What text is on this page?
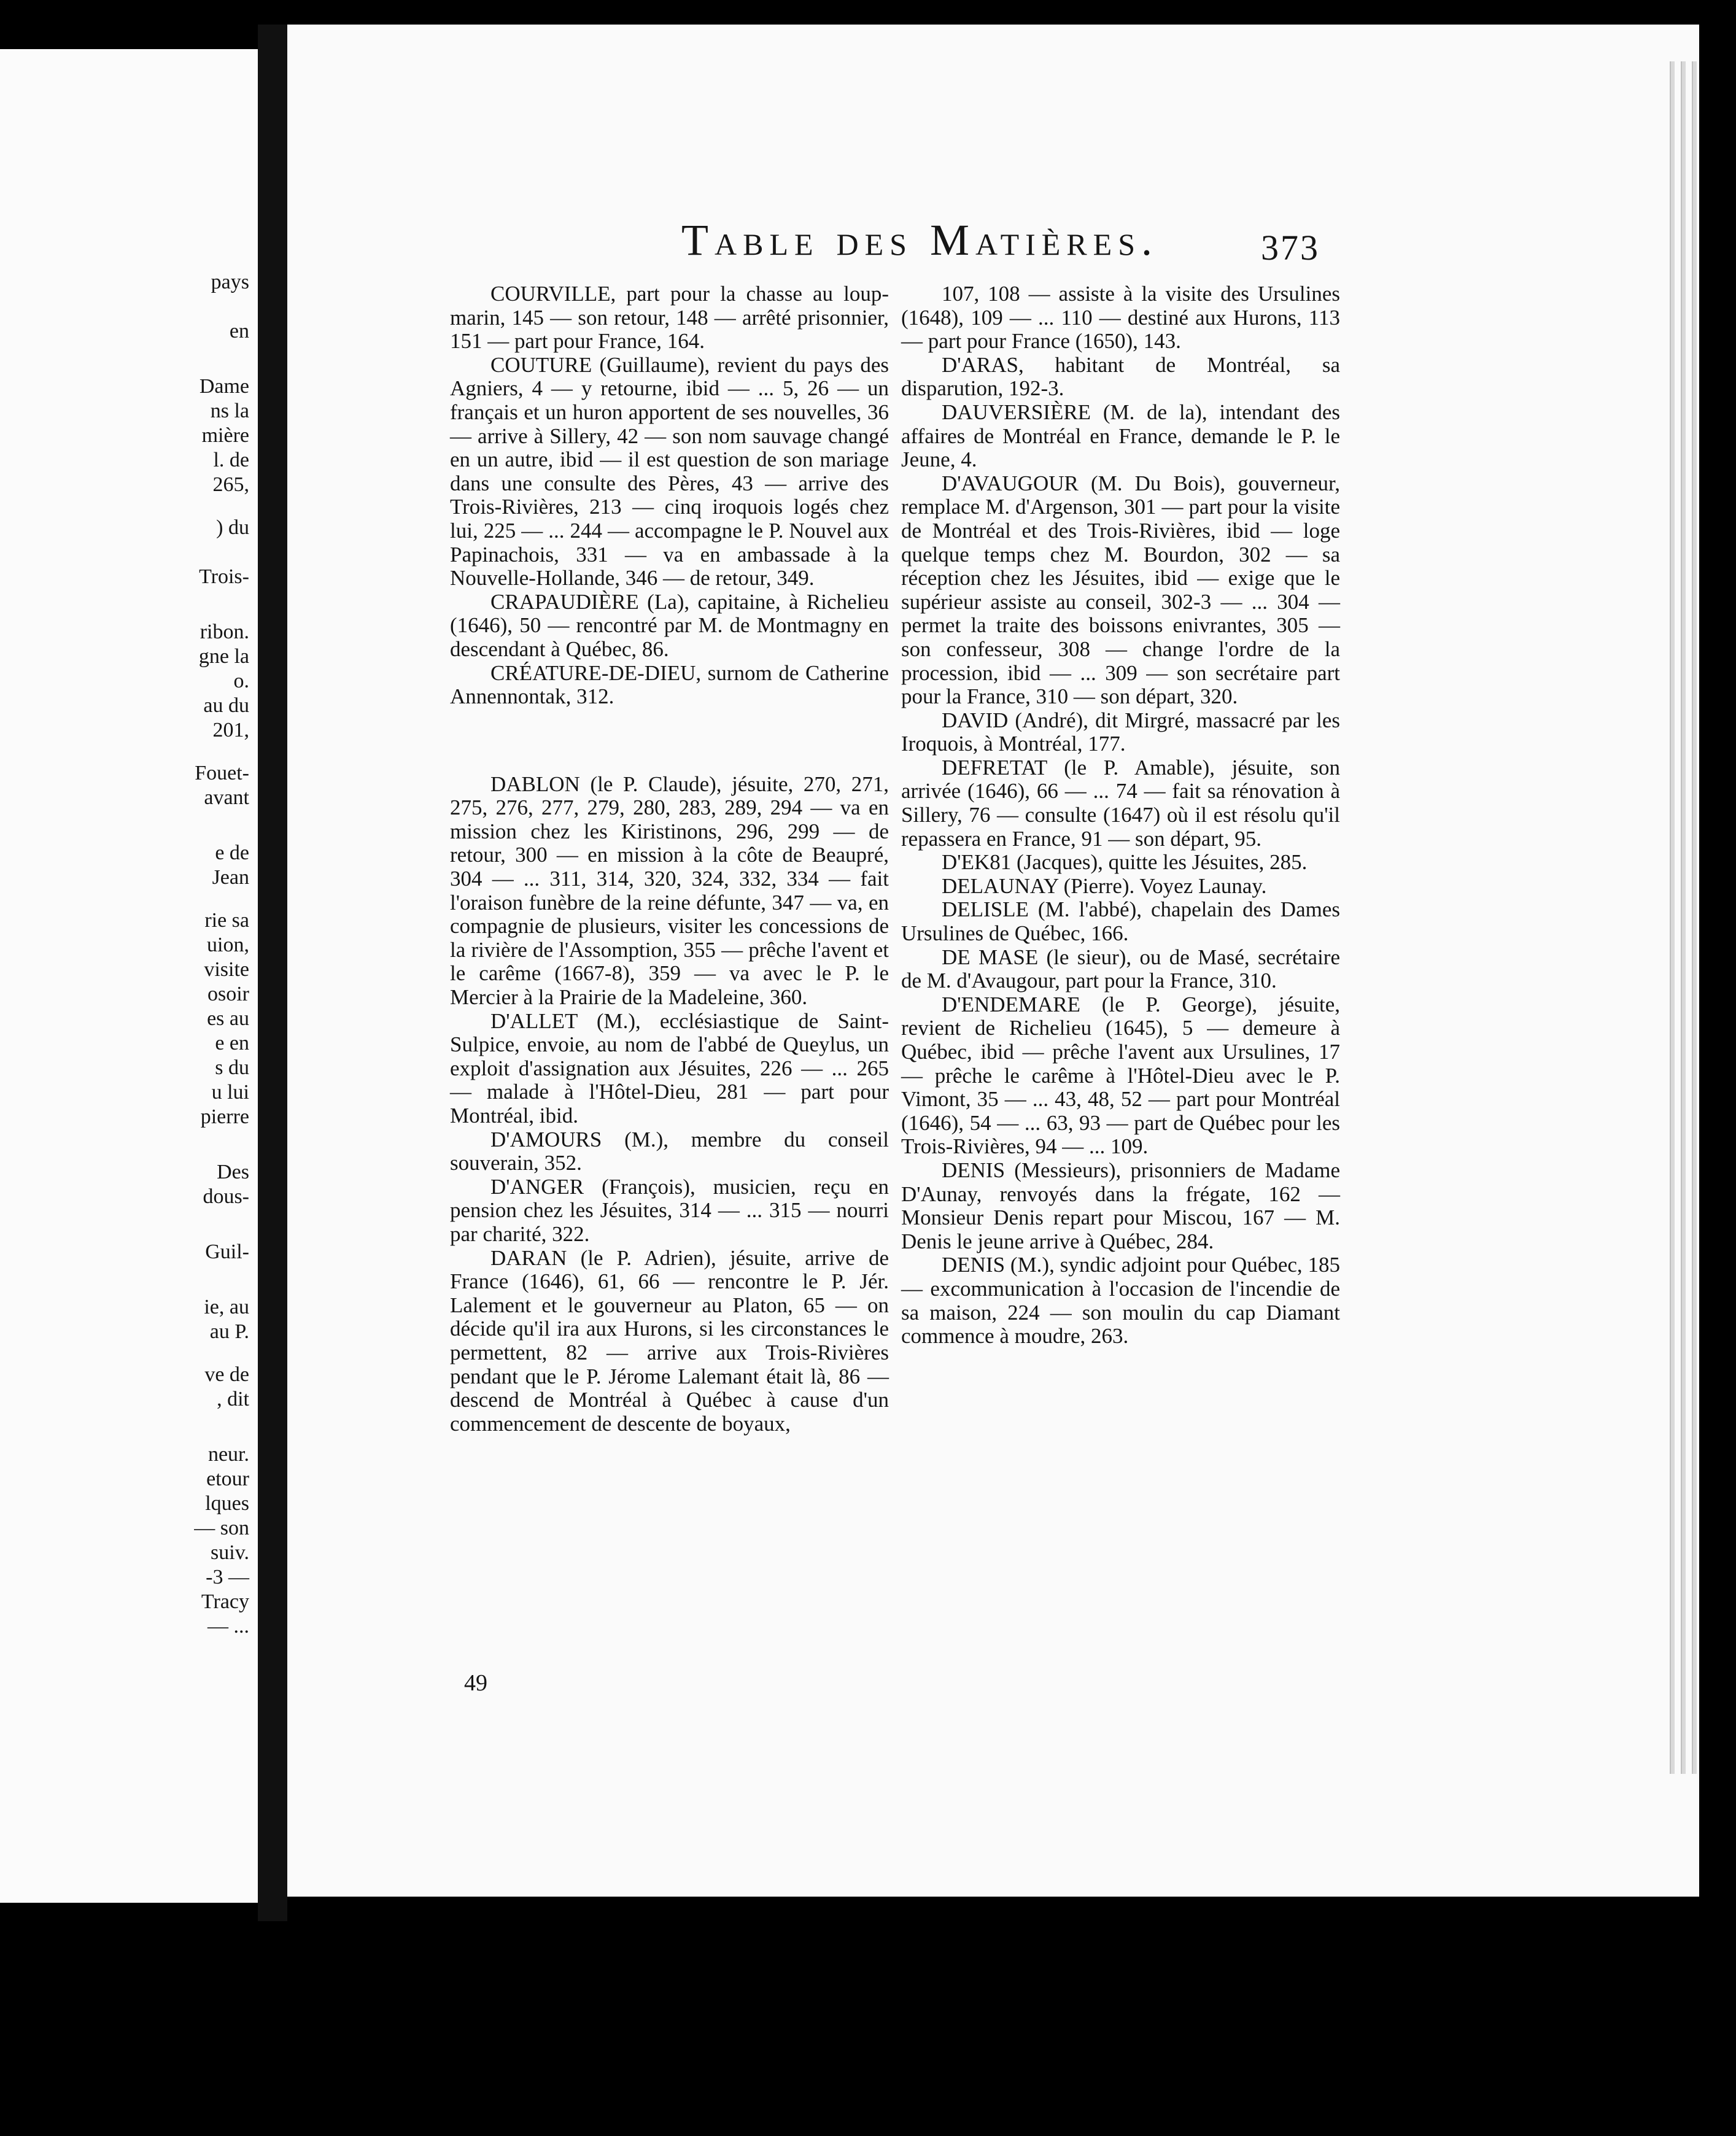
pays
en
Dame
ns la
mière
l. de
265,
) du
Trois-
ribon.
gne la
o.
au du
201,
Fouet-
avant
e de
Jean
rie sa
uion,
visite
osoir
es au
e en
s du
u lui
pierre
Des
dous-
Guil-
ie, au
au P.
ve de
, dit
neur.
etour
lques
— son
suiv.
-3 —
Tracy
— ...
Table des Matières.	373

COURVILLE, part pour la chasse au loup-marin, 145 — son retour, 148 — arrêté prisonnier, 151 — part pour France, 164.

COUTURE (Guillaume), revient du pays des Agniers, 4 — y retourne, ibid — ... 5, 26 — un français et un huron apportent de ses nouvelles, 36 — arrive à Sillery, 42 — son nom sauvage changé en un autre, ibid — il est question de son mariage dans une consulte des Pères, 43 — arrive des Trois-Rivières, 213 — cinq iroquois logés chez lui, 225 — ... 244 — accompagne le P. Nouvel aux Papinachois, 331 — va en ambassade à la Nouvelle-Hollande, 346 — de retour, 349.

CRAPAUDIÈRE (La), capitaine, à Richelieu (1646), 50 — rencontré par M. de Montmagny en descendant à Québec, 86.

CRÉATURE-DE-DIEU, surnom de Catherine Annennontak, 312.

DABLON (le P. Claude), jésuite, 270, 271, 275, 276, 277, 279, 280, 283, 289, 294 — va en mission chez les Kiristinons, 296, 299 — de retour, 300 — en mission à la côte de Beaupré, 304 — ... 311, 314, 320, 324, 332, 334 — fait l'oraison funèbre de la reine défunte, 347 — va, en compagnie de plusieurs, visiter les concessions de la rivière de l'Assomption, 355 — prêche l'avent et le carême (1667-8), 359 — va avec le P. le Mercier à la Prairie de la Madeleine, 360.

D'ALLET (M.), ecclésiastique de Saint-Sulpice, envoie, au nom de l'abbé de Queylus, un exploit d'assignation aux Jésuites, 226 — ... 265 — malade à l'Hôtel-Dieu, 281 — part pour Montréal, ibid.

D'AMOURS (M.), membre du conseil souverain, 352.

D'ANGER (François), musicien, reçu en pension chez les Jésuites, 314 — ... 315 — nourri par charité, 322.

DARAN (le P. Adrien), jésuite, arrive de France (1646), 61, 66 — rencontre le P. Jér. Lalement et le gouverneur au Platon, 65 — on décide qu'il ira aux Hurons, si les circonstances le permettent, 82 — arrive aux Trois-Rivières pendant que le P. Jérome Lalemant était là, 86 — descend de Montréal à Québec à cause d'un commencement de descente de boyaux,

107, 108 — assiste à la visite des Ursulines (1648), 109 — ... 110 — destiné aux Hurons, 113 — part pour France (1650), 143.

D'ARAS, habitant de Montréal, sa disparution, 192-3.

DAUVERSIÈRE (M. de la), intendant des affaires de Montréal en France, demande le P. le Jeune, 4.

D'AVAUGOUR (M. Du Bois), gouverneur, remplace M. d'Argenson, 301 — part pour la visite de Montréal et des Trois-Rivières, ibid — loge quelque temps chez M. Bourdon, 302 — sa réception chez les Jésuites, ibid — exige que le supérieur assiste au conseil, 302-3 — ... 304 — permet la traite des boissons enivrantes, 305 — son confesseur, 308 — change l'ordre de la procession, ibid — ... 309 — son secrétaire part pour la France, 310 — son départ, 320.

DAVID (André), dit Mirgré, massacré par les Iroquois, à Montréal, 177.

DEFRETAT (le P. Amable), jésuite, son arrivée (1646), 66 — ... 74 — fait sa rénovation à Sillery, 76 — consulte (1647) où il est résolu qu'il repassera en France, 91 — son départ, 95.

D'EK81 (Jacques), quitte les Jésuites, 285.

DELAUNAY (Pierre). Voyez Launay.

DELISLE (M. l'abbé), chapelain des Dames Ursulines de Québec, 166.

DE MASE (le sieur), ou de Masé, secrétaire de M. d'Avaugour, part pour la France, 310.

D'ENDEMARE (le P. George), jésuite, revient de Richelieu (1645), 5 — demeure à Québec, ibid — prêche l'avent aux Ursulines, 17 — prêche le carême à l'Hôtel-Dieu avec le P. Vimont, 35 — ... 43, 48, 52 — part pour Montréal (1646), 54 — ... 63, 93 — part de Québec pour les Trois-Rivières, 94 — ... 109.

DENIS (Messieurs), prisonniers de Madame D'Aunay, renvoyés dans la frégate, 162 — Monsieur Denis repart pour Miscou, 167 — M. Denis le jeune arrive à Québec, 284.

DENIS (M.), syndic adjoint pour Québec, 185 — excommunication à l'occasion de l'incendie de sa maison, 224 — son moulin du cap Diamant commence à moudre, 263.

49
